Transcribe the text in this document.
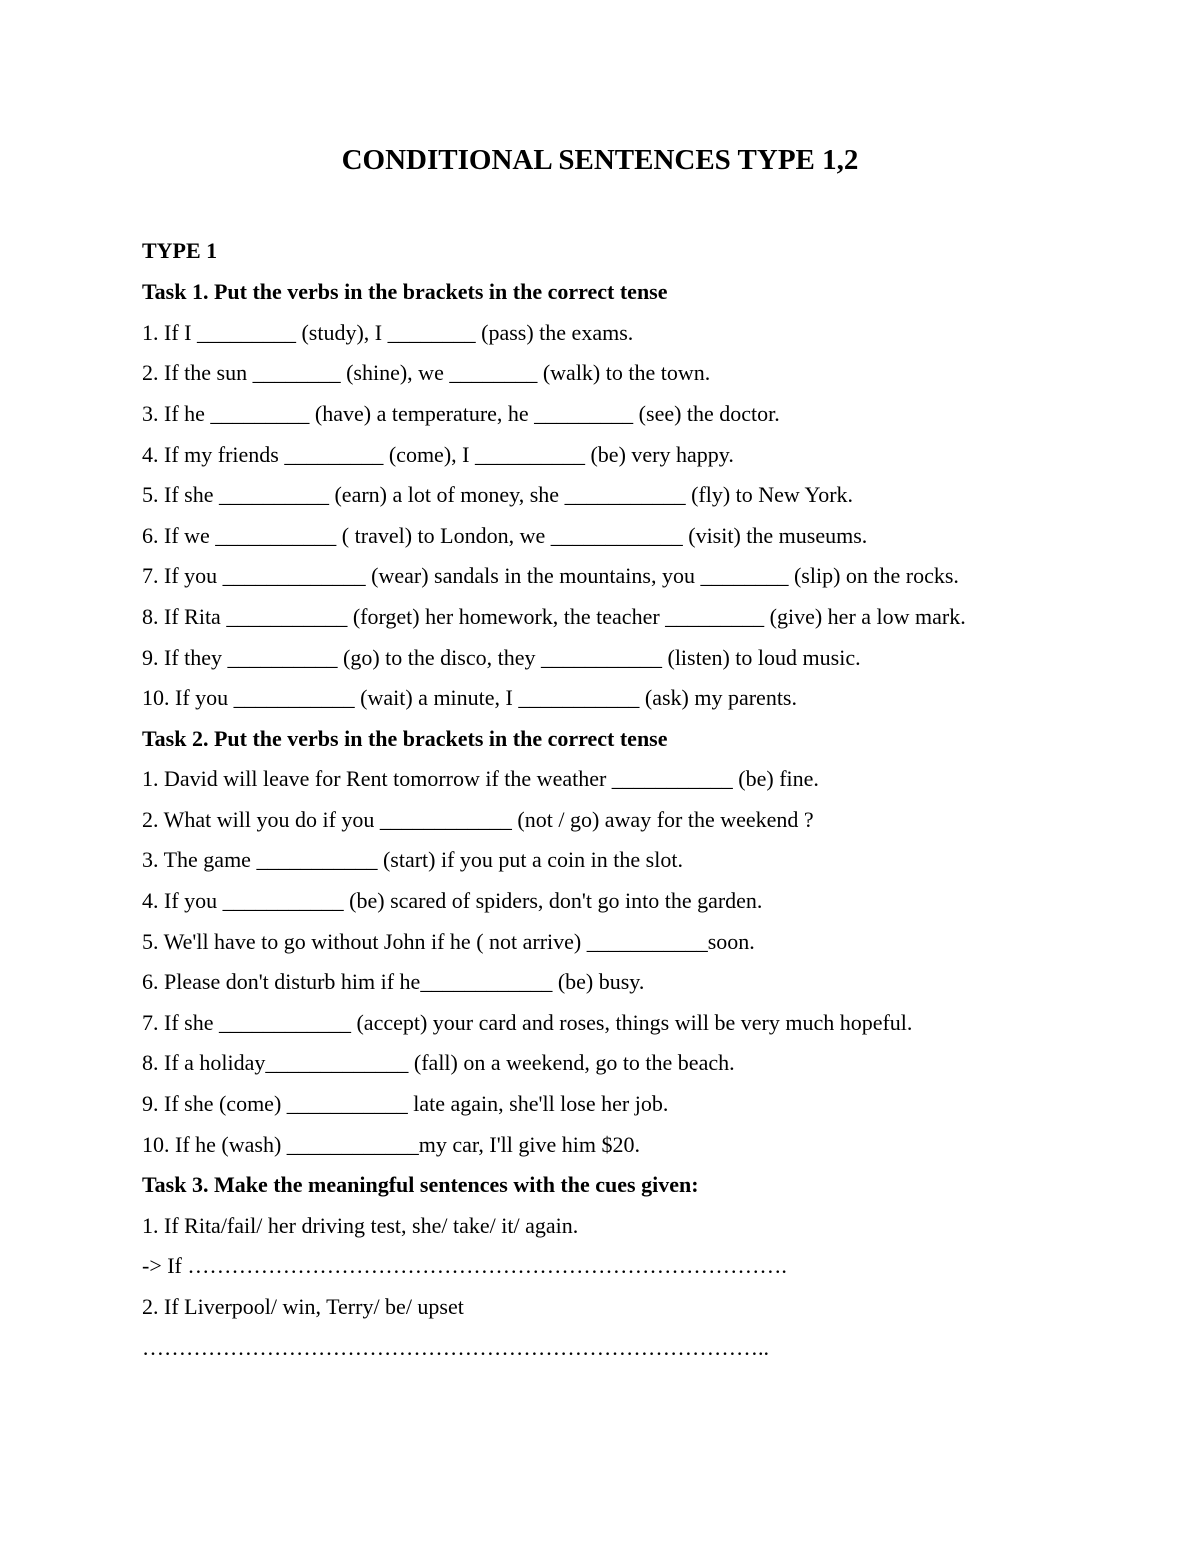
CONDITIONAL SENTENCES TYPE 1,2
TYPE 1
Task 1. Put the verbs in the brackets in the correct tense
1. If I _________ (study), I ________ (pass) the exams.
2. If the sun ________ (shine), we ________ (walk) to the town.
3. If he _________ (have) a temperature, he _________ (see) the doctor.
4. If my friends _________ (come), I __________ (be) very happy.
5. If she __________ (earn) a lot of money, she ___________ (fly) to New York.
6. If we ___________ ( travel) to London, we ____________ (visit) the museums.
7. If you _____________ (wear) sandals in the mountains, you ________ (slip) on the rocks.
8. If Rita ___________ (forget) her homework, the teacher _________ (give) her a low mark.
9. If they __________ (go) to the disco, they ___________ (listen) to loud music.
10. If you ___________ (wait) a minute, I ___________ (ask) my parents.
Task 2. Put the verbs in the brackets in the correct tense
1. David will leave for Rent tomorrow if the weather ___________ (be) fine.
2. What will you do if you ____________ (not / go) away for the weekend ?
3. The game ___________ (start) if you put a coin in the slot.
4. If you ___________ (be) scared of spiders, don't go into the garden.
5. We'll have to go without John if he ( not arrive) ___________soon.
6. Please don't disturb him if he____________ (be) busy.
7. If she ____________ (accept) your card and roses, things will be very much hopeful.
8. If a holiday_____________ (fall) on a weekend, go to the beach.
9. If she (come) ___________ late again, she'll lose her job.
10. If he (wash) ____________my car, I'll give him $20.
Task 3. Make the meaningful sentences with the cues given:
1. If Rita/fail/ her driving test, she/ take/ it/ again.
-> If ……………………………………………………………………….
2. If Liverpool/ win, Terry/ be/ upset
…………………………………………………………………………..
